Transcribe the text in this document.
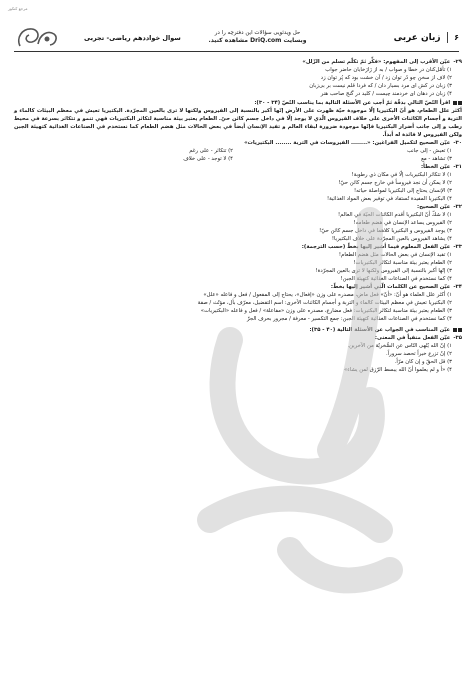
مرجع کنکور
سوال خواددهم ریاضی- تجربی
حل ویدئویی سؤالات این دفترچه را در
وبسایت DriQ.com مشاهده کنید.	۶
زبان عربی
۲۹-عيّن الأقرب إلى المفهوم: «فكِّر ثمّ تكلّم تسلم من الزّلل»
۱) تأمّل‌کنان در خطا و صواب / به از ژاژخایان حاضر جواب
۲) لاف از سخن چو دُر توان زد / آن خشت بود که پُر توان زد
۳) زبان در کش ای مرد بسیار دان / که فردا قلم نیست بر بی‌زبان
۴) زبان در دهان ای خردمند چیست / کلید در گنج صاحب هنر
اقرأ النّصّ التالي بدقّة ثمّ أجب عن الأسئلة التالية بما يناسب النّصّ (۳۴ - ۳۰):
أكثر علل الطعام، هو أنّ البكتيريا إلّا موجودة حيّة ظهرت على الأرض إنّها أكبر بالنسبة إلى الفيروس ولكنها لا ترى بالعين المجرّدة. البكتيريا تعيش في معظم البيئات كالماء و التربة و أجسام الكائنات الأخرى على خلاف الفيروس الّذي لا يوجد إلّا في داخل جسم كائن حيّ. الطعام يعتبر بيئة مناسبة لتكاثر البكتيريات فهي تنمو و تتكاثر بسرعة في محيط رطب و إلى جانب أضرار البكتيريا فإنّها موجودة ضرورة لبقاء العالم و تفيد الإنسان أيضاً في بعض الحالات مثل هضم الطعام كما نستخدم في الصناعات الغذائية كتهيئة الجبن ولكن الفيروس لا فائدة له أبداً.
۳۰-عيّن الصحيح لتكميل الفراغين: «........ الفيروسات في التربة ........ البكتيريات»
۱) تعيش - إلى جانب
۲) تتكاثر - على رغم
۳) تشاهد - مع
۴) لا توجد - على خلاف
۳۱-عيّن الخطأ:
۱) لا تتكاثر البكتيريات إلّا في مكان ذي رطوبة!
۲) لا يمكن أن نجد فيروساً في خارج جسم كائن حيّ!
۳) الإنسان يحتاج إلى البكتيريا لمواصلة حياته!
۴) البكتيريا المفيدة تُستفاد في توفير بعض المواد الغذائية!
۳۲-عيّن الصحيح:
۱) لا شكّ أنّ البكتيريا أقدم الكائنات الحيّة في العالم!
۲) الفيروس يساعد الإنسان في هضم طعامه!
۳) يوجد الفيروس و البكتيريا كلاهما في داخل جسم كائن حيّ!
۴) يشاهد الفيروس بالعين المجرّدة على خلاف البكتيريا!
۳۳-عيّن الفعل المعلوم فيما أشير إليها بخطّ (حسب الترجمة):
۱) تفيد الإنسان في بعض الحالات مثل هضم الطعام!
۲) الطعام يعتبر بيئة مناسبة لتكاثر البكتيريات!
۳) إنّها أكبر بالنسبة إلى الفيروس ولكنها لا ترى بالعين المجرّدة!
۴) كما نستخدم في الصناعات الغذائية كتهيئة الجبن!
۳۴-عيّن الصحيح عن الكلمات الّتي أشير إليها بخطّ:
۱) أكثر علل العلماء هو أنّ: «أنّ» فعل ماض، مصدره على وزن «إفعال»، يحتاج إلى المفعول / فعل و فاعله «علل»
۲) البكتيريا تعيش في معظم البيئات كالماء و التربة و أجسام الكائنات الأخرى: اسم التفضيل، معرّف بأل، مؤنّث / صفة
۳) الطعام يعتبر بيئة مناسبة لتكاثر البكتيريات: فعل مضارع، مصدره على وزن «مفاعلة» / فعل و فاعله «البكتيريات»
۴) كما نستخدم في الصناعات الغذائية كتهيئة الجبن: جمع التكسير - معرفة / مجرور بحرف الجرّ
عيّن المناسب في الجواب عن الأسئلة التالية (۴۰ - ۳۵):
۳۵-عيّن الفعل منفياً في المعنى:
۱) إنّ الله يُنْهى النّاس عن السُّخريّة من الآخرين.
۲) إنْ تزرع خيراً تحصد سروراً.
۳) قل الحقّ و إن كان مرّاً.
۴) «أ و لم يعلموا أنّ الله يبسط الرّزق لمن يشاء»
